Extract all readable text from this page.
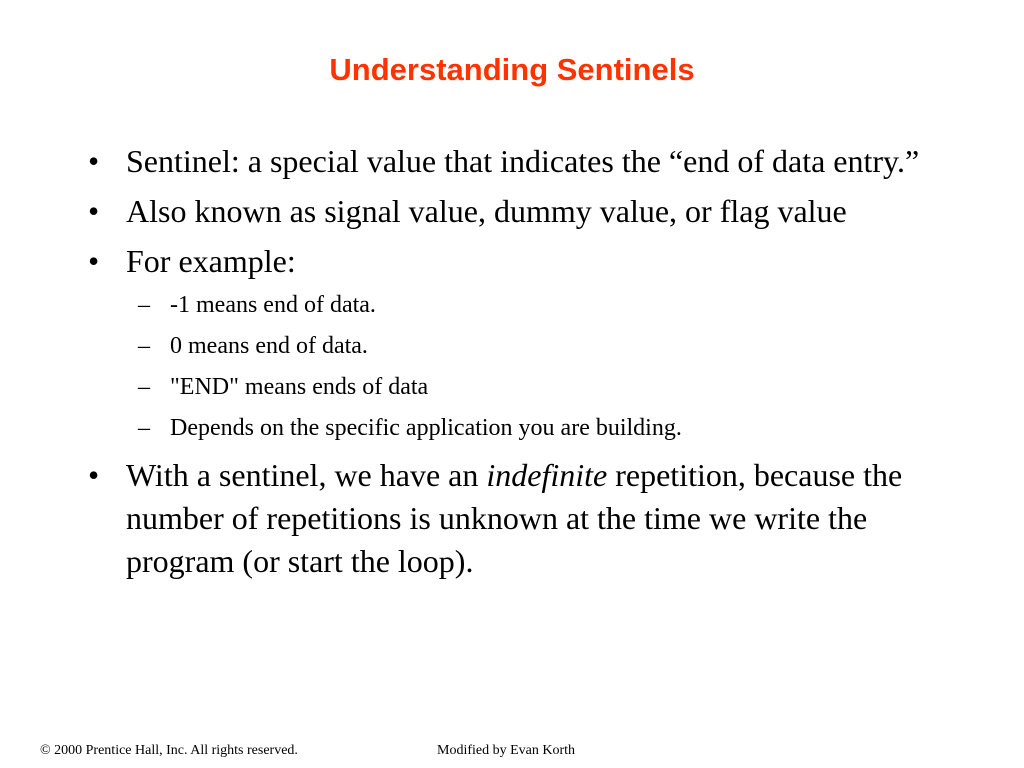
Understanding Sentinels
• Sentinel: a special value that indicates the “end of data entry.”
• Also known as signal value, dummy value, or flag value
• For example:
– -1 means end of data.
– 0 means end of data.
– "END" means ends of data
– Depends on the specific application you are building.
• With a sentinel, we have an indefinite repetition, because the number of repetitions is unknown at the time we write the program (or start the loop).
© 2000 Prentice Hall, Inc. All rights reserved.	Modified by Evan Korth
